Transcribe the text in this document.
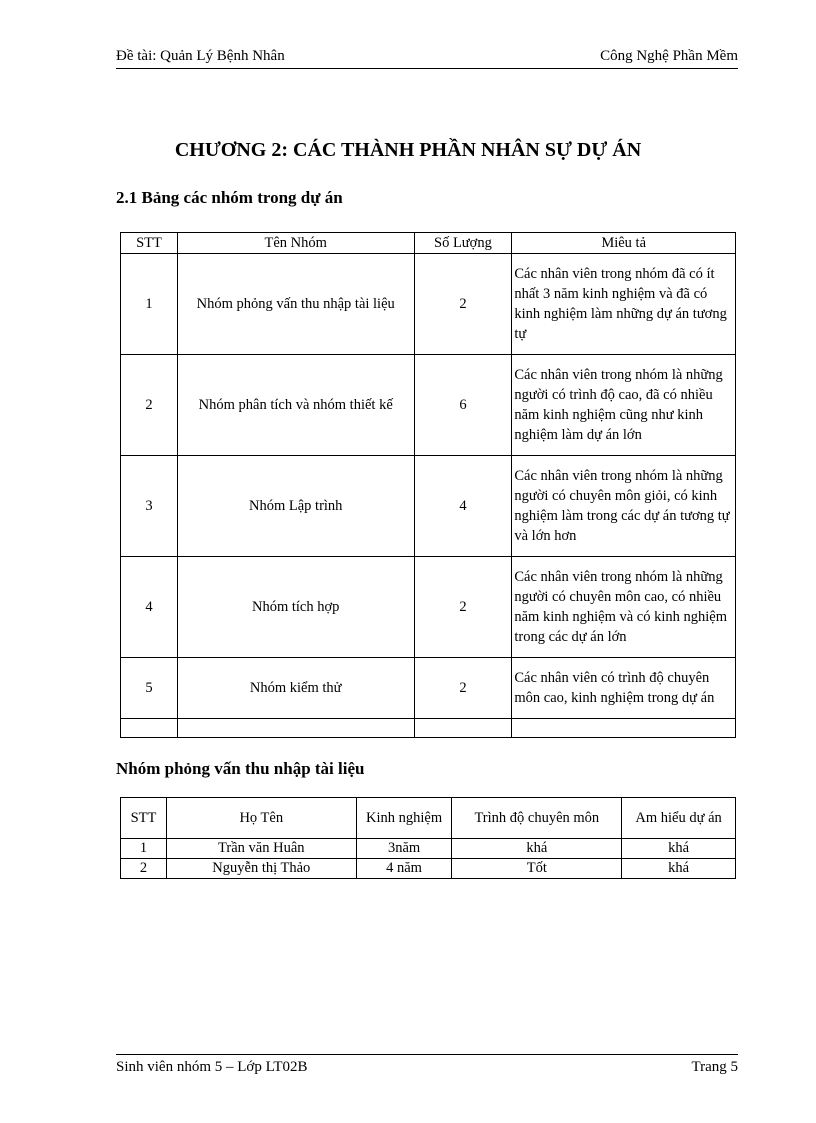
Đề tài: Quản Lý Bệnh Nhân	Công Nghệ Phần Mềm
CHƯƠNG 2: CÁC THÀNH PHẦN NHÂN SỰ DỰ ÁN
2.1 Bảng các nhóm trong dự án
STT	Tên Nhóm	Số Lượng	Miêu tả
1	Nhóm phỏng vấn thu nhập tài liệu	2	Các nhân viên trong nhóm đã có ít nhất 3 năm kinh nghiệm và đã có kinh nghiệm làm những dự án tương tự
2	Nhóm phân tích và nhóm thiết kế	6	Các nhân viên trong nhóm là những người có trình độ cao, đã có nhiều năm kinh nghiệm cũng như kinh nghiệm làm dự án lớn
3	Nhóm Lập trình	4	Các nhân viên trong nhóm là những người có chuyên môn giỏi, có kinh nghiệm làm trong các dự án tương tự và lớn hơn
4	Nhóm tích hợp	2	Các nhân viên trong nhóm là những người có chuyên môn cao, có nhiều năm kinh nghiệm và có kinh nghiệm trong các dự án lớn
5	Nhóm kiểm thử	2	Các nhân viên có trình độ chuyên môn cao, kinh nghiệm trong dự án

Nhóm phỏng vấn thu nhập tài liệu
STT	Họ Tên	Kinh nghiệm	Trình độ chuyên môn	Am hiểu dự án
1	Trần văn Huân	3năm	khá	khá
2	Nguyễn thị Thảo	4 năm	Tốt	khá
Sinh viên nhóm 5 – Lớp LT02B	Trang 5
